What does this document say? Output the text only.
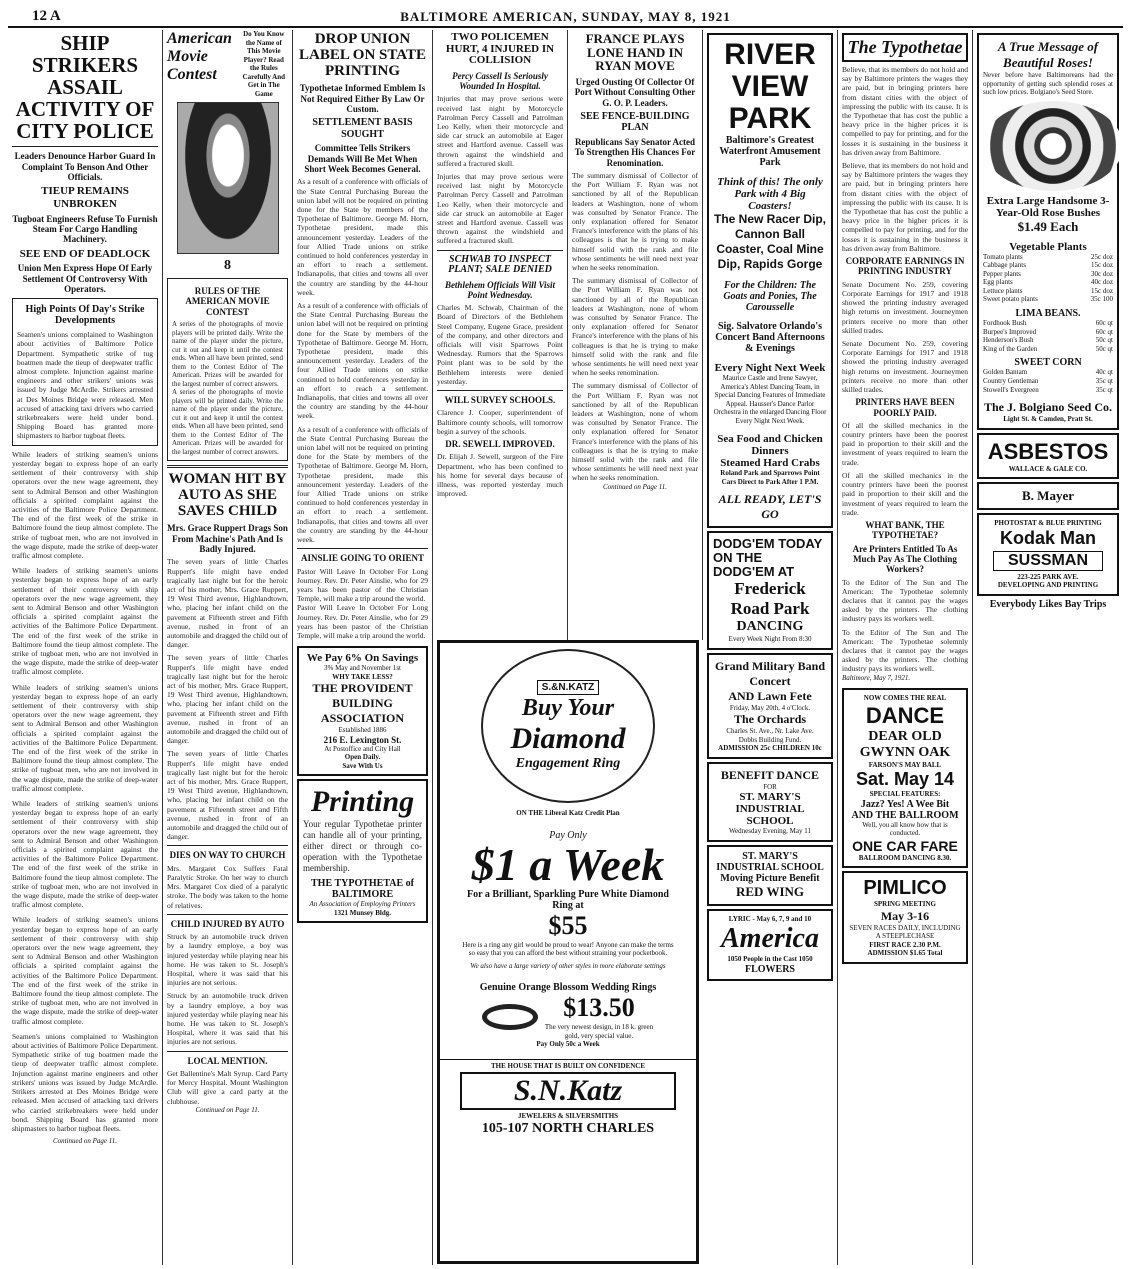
12 A	BALTIMORE AMERICAN, SUNDAY, MAY 8, 1921
SHIP STRIKERS ASSAIL ACTIVITY OF CITY POLICE
Leaders Denounce Harbor Guard In Complaint To Benson And Other Officials.
TIEUP REMAINS UNBROKEN
Tugboat Engineers Refuse To Furnish Steam For Cargo Handling Machinery.
SEE END OF DEADLOCK
Union Men Express Hope Of Early Settlement Of Controversy With Operators.
High Points Of Day's Strike Developments
Seamen's unions complained to Washington about activities of Baltimore Police Department. Sympathetic strike of tug boatmen made the tieup of deepwater traffic almost complete. Injunction against marine engineers and other strikers' unions was issued by Judge McArdle. Strikers arrested at Des Moines Bridge were released. Men accused of attacking taxi drivers who carried strikebreakers were held under bond. Shipping Board has granted more shipmasters to harbor tugboat fleets.
While leaders of striking seamen's unions yesterday began to express hope of an early settlement of their controversy with ship operators over the new wage agreement, they sent to Admiral Benson and other Washington officials a spirited complaint against the activities of the Baltimore Police Department. The end of the first week of the strike in Baltimore found the tieup almost complete. The strike of tugboat men, who are not involved in the wage dispute, made the strike of deep-water traffic almost complete.
While leaders of striking seamen's unions yesterday began to express hope of an early settlement of their controversy with ship operators over the new wage agreement, they sent to Admiral Benson and other Washington officials a spirited complaint against the activities of the Baltimore Police Department. The end of the first week of the strike in Baltimore found the tieup almost complete. The strike of tugboat men, who are not involved in the wage dispute, made the strike of deep-water traffic almost complete.
While leaders of striking seamen's unions yesterday began to express hope of an early settlement of their controversy with ship operators over the new wage agreement, they sent to Admiral Benson and other Washington officials a spirited complaint against the activities of the Baltimore Police Department. The end of the first week of the strike in Baltimore found the tieup almost complete. The strike of tugboat men, who are not involved in the wage dispute, made the strike of deep-water traffic almost complete.
While leaders of striking seamen's unions yesterday began to express hope of an early settlement of their controversy with ship operators over the new wage agreement, they sent to Admiral Benson and other Washington officials a spirited complaint against the activities of the Baltimore Police Department. The end of the first week of the strike in Baltimore found the tieup almost complete. The strike of tugboat men, who are not involved in the wage dispute, made the strike of deep-water traffic almost complete.
While leaders of striking seamen's unions yesterday began to express hope of an early settlement of their controversy with ship operators over the new wage agreement, they sent to Admiral Benson and other Washington officials a spirited complaint against the activities of the Baltimore Police Department. The end of the first week of the strike in Baltimore found the tieup almost complete. The strike of tugboat men, who are not involved in the wage dispute, made the strike of deep-water traffic almost complete.
Seamen's unions complained to Washington about activities of Baltimore Police Department. Sympathetic strike of tug boatmen made the tieup of deepwater traffic almost complete. Injunction against marine engineers and other strikers' unions was issued by Judge McArdle. Strikers arrested at Des Moines Bridge were released. Men accused of attacking taxi drivers who carried strikebreakers were held under bond. Shipping Board has granted more shipmasters to harbor tugboat fleets.
Continued on Page 11.
American Movie Contest
Do You Know the Name of This Movie Player? Read the Rules Carefully And Get in The Game
8
RULES OF THE AMERICAN MOVIE CONTEST
A series of the photographs of movie players will be printed daily. Write the name of the player under the picture, cut it out and keep it until the contest ends. When all have been printed, send them to the Contest Editor of The American. Prizes will be awarded for the largest number of correct answers.
A series of the photographs of movie players will be printed daily. Write the name of the player under the picture, cut it out and keep it until the contest ends. When all have been printed, send them to the Contest Editor of The American. Prizes will be awarded for the largest number of correct answers.
WOMAN HIT BY AUTO AS SHE SAVES CHILD
Mrs. Grace Ruppert Drags Son From Machine's Path And Is Badly Injured.
The seven years of little Charles Ruppert's life might have ended tragically last night but for the heroic act of his mother, Mrs. Grace Ruppert, 19 West Third avenue, Highlandtown, who, placing her infant child on the pavement at Fifteenth street and Fifth avenue, rushed in front of an automobile and dragged the child out of danger.
The seven years of little Charles Ruppert's life might have ended tragically last night but for the heroic act of his mother, Mrs. Grace Ruppert, 19 West Third avenue, Highlandtown, who, placing her infant child on the pavement at Fifteenth street and Fifth avenue, rushed in front of an automobile and dragged the child out of danger.
The seven years of little Charles Ruppert's life might have ended tragically last night but for the heroic act of his mother, Mrs. Grace Ruppert, 19 West Third avenue, Highlandtown, who, placing her infant child on the pavement at Fifteenth street and Fifth avenue, rushed in front of an automobile and dragged the child out of danger.
DIES ON WAY TO CHURCH
Mrs. Margaret Cox Suffers Fatal Paralytic Stroke. On her way to church Mrs. Margaret Cox died of a paralytic stroke. The body was taken to the home of relatives.
CHILD INJURED BY AUTO
Struck by an automobile truck driven by a laundry employe, a boy was injured yesterday while playing near his home. He was taken to St. Joseph's Hospital, where it was said that his injuries are not serious.
Struck by an automobile truck driven by a laundry employe, a boy was injured yesterday while playing near his home. He was taken to St. Joseph's Hospital, where it was said that his injuries are not serious.
LOCAL MENTION.
Get Ballentine's Malt Syrup. Card Party for Mercy Hospital. Mount Washington Club will give a card party at the clubhouse.
Continued on Page 11.
DROP UNION LABEL ON STATE PRINTING
Typothetae Informed Emblem Is Not Required Either By Law Or Custom.
SETTLEMENT BASIS SOUGHT
Committee Tells Strikers Demands Will Be Met When Short Week Becomes General.
As a result of a conference with officials of the State Central Purchasing Bureau the union label will not be required on printing done for the State by members of the Typothetae of Baltimore. George M. Horn, Typothetae president, made this announcement yesterday. Leaders of the four Allied Trade unions on strike continued to hold conferences yesterday in an effort to reach a settlement. Indianapolis, that cities and towns all over the country are standing by the 44-hour week.
As a result of a conference with officials of the State Central Purchasing Bureau the union label will not be required on printing done for the State by members of the Typothetae of Baltimore. George M. Horn, Typothetae president, made this announcement yesterday. Leaders of the four Allied Trade unions on strike continued to hold conferences yesterday in an effort to reach a settlement. Indianapolis, that cities and towns all over the country are standing by the 44-hour week.
As a result of a conference with officials of the State Central Purchasing Bureau the union label will not be required on printing done for the State by members of the Typothetae of Baltimore. George M. Horn, Typothetae president, made this announcement yesterday. Leaders of the four Allied Trade unions on strike continued to hold conferences yesterday in an effort to reach a settlement. Indianapolis, that cities and towns all over the country are standing by the 44-hour week.
AINSLIE GOING TO ORIENT
Pastor Will Leave In October For Long Journey. Rev. Dr. Peter Ainslie, who for 29 years has been pastor of the Christian Temple, will make a trip around the world.
Pastor Will Leave In October For Long Journey. Rev. Dr. Peter Ainslie, who for 29 years has been pastor of the Christian Temple, will make a trip around the world.
We Pay 6% On Savings
3% May and November 1st
WHY TAKE LESS?
THE PROVIDENT BUILDING ASSOCIATION
Established 1886
216 E. Lexington St.
At Postoffice and City Hall
Open Daily.
Save With Us
Printing
Your regular Typothetae printer can handle all of your printing, either direct or through co-operation with the Typothetae membership.
THE TYPOTHETAE of BALTIMORE
An Association of Employing Printers
1321 Munsey Bldg.
TWO POLICEMEN HURT, 4 INJURED IN COLLISION
Percy Cassell Is Seriously Wounded In Hospital.
Injuries that may prove serious were received last night by Motorcycle Patrolman Percy Cassell and Patrolman Leo Kelly, when their motorcycle and side car struck an automobile at Eager street and Hartford avenue. Cassell was thrown against the windshield and suffered a fractured skull.
Injuries that may prove serious were received last night by Motorcycle Patrolman Percy Cassell and Patrolman Leo Kelly, when their motorcycle and side car struck an automobile at Eager street and Hartford avenue. Cassell was thrown against the windshield and suffered a fractured skull.
SCHWAB TO INSPECT PLANT; SALE DENIED
Bethlehem Officials Will Visit Point Wednesday.
Charles M. Schwab, Chairman of the Board of Directors of the Bethlehem Steel Company, Eugene Grace, president of the company, and other directors and officials will visit Sparrows Point Wednesday. Rumors that the Sparrows Point plant was to be sold by the Bethlehem interests were denied yesterday.
WILL SURVEY SCHOOLS.
Clarence J. Cooper, superintendent of Baltimore county schools, will tomorrow begin a survey of the schools.
DR. SEWELL IMPROVED.
Dr. Elijah J. Sewell, surgeon of the Fire Department, who has been confined to his home for several days because of illness, was reported yesterday much improved.
FRANCE PLAYS LONE HAND IN RYAN MOVE
Urged Ousting Of Collector Of Port Without Consulting Other G. O. P. Leaders.
SEE FENCE-BUILDING PLAN
Republicans Say Senator Acted To Strengthen His Chances For Renomination.
The summary dismissal of Collector of the Port William F. Ryan was not sanctioned by all of the Republican leaders at Washington, none of whom was consulted by Senator France. The only explanation offered for Senator France's interference with the plans of his colleagues is that he is trying to make himself solid with the rank and file whose sentiments he will need next year when he seeks renomination.
The summary dismissal of Collector of the Port William F. Ryan was not sanctioned by all of the Republican leaders at Washington, none of whom was consulted by Senator France. The only explanation offered for Senator France's interference with the plans of his colleagues is that he is trying to make himself solid with the rank and file whose sentiments he will need next year when he seeks renomination.
The summary dismissal of Collector of the Port William F. Ryan was not sanctioned by all of the Republican leaders at Washington, none of whom was consulted by Senator France. The only explanation offered for Senator France's interference with the plans of his colleagues is that he is trying to make himself solid with the rank and file whose sentiments he will need next year when he seeks renomination.
Continued on Page 11.
S.&N.KATZ
Buy Your
Diamond
Engagement Ring
ON THE Liberal Katz Credit Plan
Pay Only
$1 a Week
For a Brilliant, Sparkling Pure White Diamond Ring at
$55
Here is a ring any girl would be proud to wear! Anyone can make the terms so easy that you can afford the best without straining your pocketbook.
We also have a large variety of other styles in more elaborate settings
Genuine Orange Blossom Wedding Rings
$13.50
The very newest design, in 18 k. green gold, very special value.
Pay Only 50c a Week
THE HOUSE THAT IS BUILT ON CONFIDENCE
S.N.Katz
JEWELERS & SILVERSMITHS
105-107 NORTH CHARLES
RIVER VIEW PARK
Baltimore's Greatest Waterfront Amusement Park
Think of this! The only Park with 4 Big Coasters!
The New Racer Dip, Cannon Ball Coaster, Coal Mine Dip, Rapids Gorge
For the Children: The Goats and Ponies, The Carousselle
Sig. Salvatore Orlando's Concert Band Afternoons & Evenings
Every Night Next Week
Maurice Castle and Irene Sawyer, America's Ablest Dancing Team, in Special Dancing Features of Immediate Appeal. Hausser's Dance Parlor Orchestra in the enlarged Dancing Floor Every Night Next Week.
Sea Food and Chicken Dinners
Steamed Hard Crabs
Roland Park and Sparrows Point Cars Direct to Park After 1 P.M.
ALL READY, LET'S GO
DODG'EM TODAY ON THE DODG'EM AT
Frederick Road Park
DANCING
Every Week Night From 8:30
Grand Military Band Concert
AND Lawn Fete
Friday, May 20th, 4 o'Clock.
The Orchards
Charles St. Ave., Nr. Lake Ave.
Dobbs Building Fund.
ADMISSION 25c CHILDREN 10c
BENEFIT DANCE
FOR
ST. MARY'S INDUSTRIAL SCHOOL
Wednesday Evening, May 11
ST. MARY'S INDUSTRIAL SCHOOL Moving Picture Benefit
RED WING
LYRIC - May 6, 7, 9 and 10
America
1050 People in the Cast 1050
FLOWERS
The Typothetae
Believe, that its members do not hold and say by Baltimore printers the wages they are paid, but in bringing printers here from distant cities with the object of impressing the public with its cause. It is the Typothetae that has cost the public a heavy price in the higher prices it is compelled to pay for printing, and for the losses it is sustaining in the business it has driven away from Baltimore.
Believe, that its members do not hold and say by Baltimore printers the wages they are paid, but in bringing printers here from distant cities with the object of impressing the public with its cause. It is the Typothetae that has cost the public a heavy price in the higher prices it is compelled to pay for printing, and for the losses it is sustaining in the business it has driven away from Baltimore.
CORPORATE EARNINGS IN PRINTING INDUSTRY
Senate Document No. 259, covering Corporate Earnings for 1917 and 1918 showed the printing industry averaged high returns on investment. Journeymen printers receive no more than other skilled trades.
Senate Document No. 259, covering Corporate Earnings for 1917 and 1918 showed the printing industry averaged high returns on investment. Journeymen printers receive no more than other skilled trades.
PRINTERS HAVE BEEN POORLY PAID.
Of all the skilled mechanics in the country printers have been the poorest paid in proportion to their skill and the investment of years required to learn the trade.
Of all the skilled mechanics in the country printers have been the poorest paid in proportion to their skill and the investment of years required to learn the trade.
WHAT BANK, THE TYPOTHETAE?
Are Printers Entitled To As Much Pay As The Clothing Workers?
To the Editor of The Sun and The American: The Typothetae solemnly declares that it cannot pay the wages asked by the printers. The clothing industry pays its workers well.
To the Editor of The Sun and The American: The Typothetae solemnly declares that it cannot pay the wages asked by the printers. The clothing industry pays its workers well.
Baltimore, May 7, 1921.
NOW COMES THE REAL
DANCE
DEAR OLD GWYNN OAK
FARSON'S MAY BALL
Sat. May 14
SPECIAL FEATURES:
Jazz? Yes! A Wee Bit
AND THE BALLROOM
Well, you all know how that is conducted.
ONE CAR FARE
BALLROOM DANCING 8.30.
PIMLICO
SPRING MEETING
May 3-16
SEVEN RACES DAILY, INCLUDING A STEEPLECHASE
FIRST RACE 2.30 P.M.
ADMISSION $1.65 Total
A True Message of Beautiful Roses!
Never before have Baltimoreans had the opportunity of getting such splendid roses at such low prices. Bolgiano's Seed Store.
Extra Large Handsome 3-Year-Old Rose Bushes
$1.49 Each
Vegetable Plants
Tomato plants	25c doz
Cabbage plants	15c doz
Pepper plants	30c doz
Egg plants	40c doz
Lettuce plants	15c doz
Sweet potato plants	35c 100
LIMA BEANS.
Fordhook Bush	60c qt
Burpee's Improved	60c qt
Henderson's Bush	50c qt
King of the Garden	50c qt
SWEET CORN
Golden Bantam	40c qt
Country Gentleman	35c qt
Stowell's Evergreen	35c qt
The J. Bolgiano Seed Co.
Light St. & Camden, Pratt St.
ASBESTOS
WALLACE & GALE CO.
B. Mayer
PHOTOSTAT & BLUE PRINTING
Kodak Man
SUSSMAN
223-225 PARK AVE.
DEVELOPING AND PRINTING
Everybody Likes Bay Trips
